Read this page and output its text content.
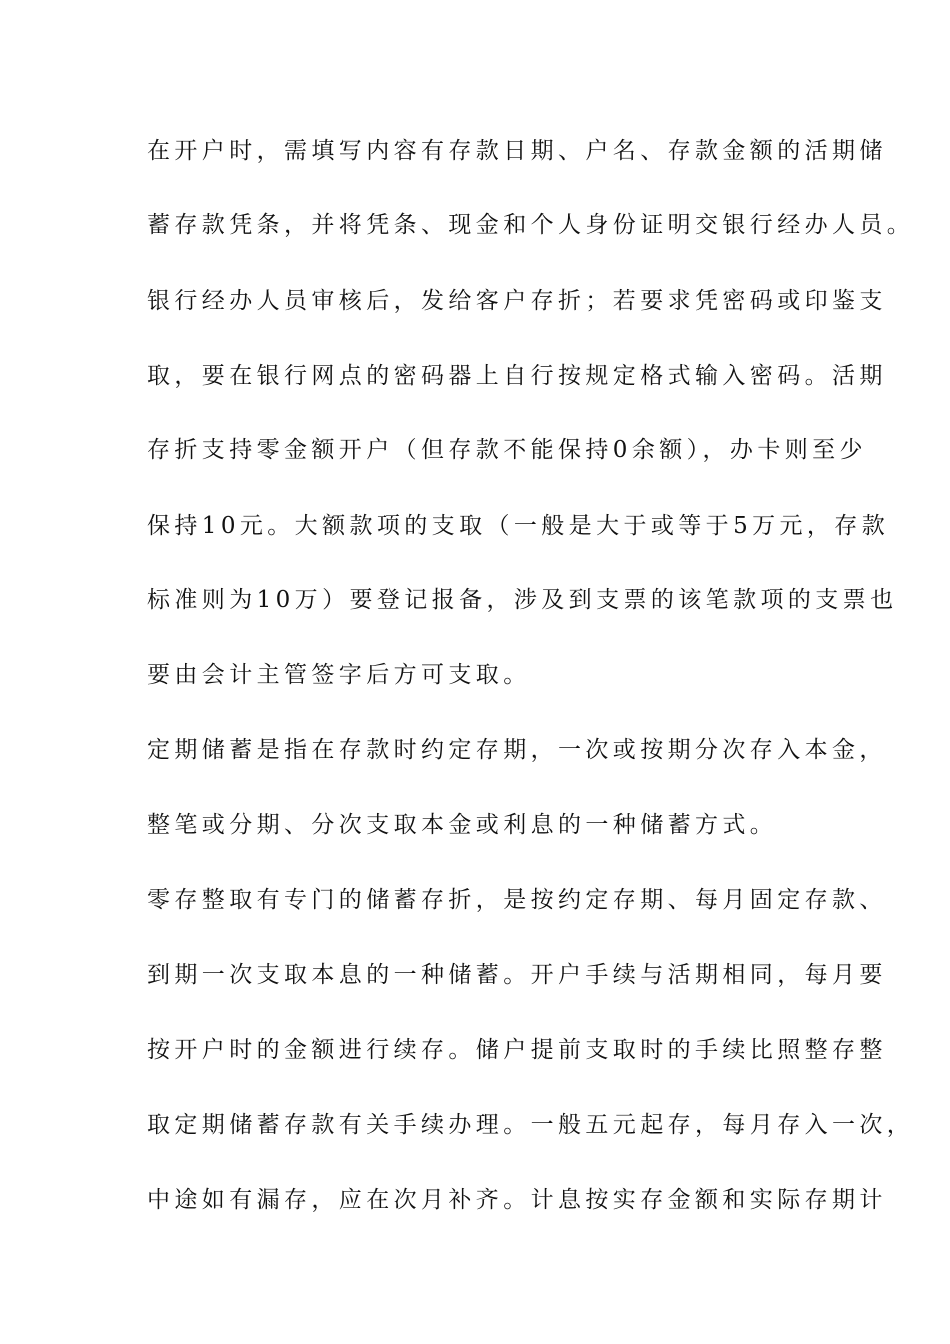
在开户时，需填写内容有存款日期、户名、存款金额的活期储
蓄存款凭条，并将凭条、现金和个人身份证明交银行经办人员。
银行经办人员审核后，发给客户存折；若要求凭密码或印鉴支
取，要在银行网点的密码器上自行按规定格式输入密码。活期
存折支持零金额开户（但存款不能保持0余额），办卡则至少
保持10元。大额款项的支取（一般是大于或等于5万元，存款
标准则为10万）要登记报备，涉及到支票的该笔款项的支票也
要由会计主管签字后方可支取。
定期储蓄是指在存款时约定存期，一次或按期分次存入本金，
整笔或分期、分次支取本金或利息的一种储蓄方式。
零存整取有专门的储蓄存折，是按约定存期、每月固定存款、
到期一次支取本息的一种储蓄。开户手续与活期相同，每月要
按开户时的金额进行续存。储户提前支取时的手续比照整存整
取定期储蓄存款有关手续办理。一般五元起存，每月存入一次，
中途如有漏存，应在次月补齐。计息按实存金额和实际存期计
